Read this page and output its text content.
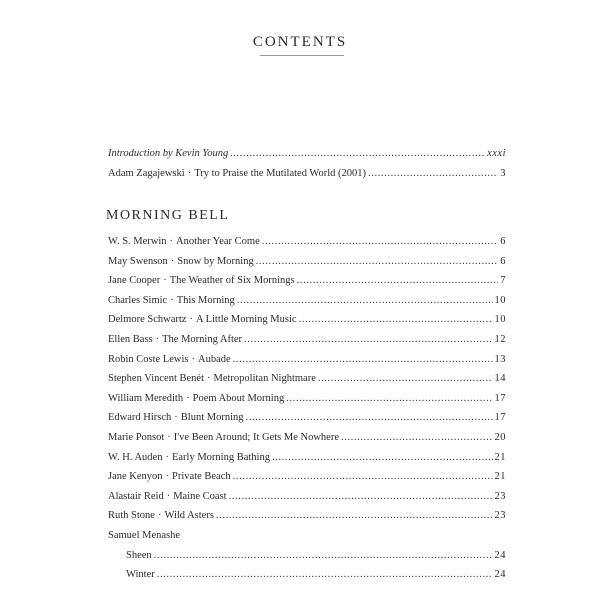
CONTENTS
Introduction by Kevin Young .....	xxxi
Adam Zagajewski · Try to Praise the Mutilated World (2001) .....	3
MORNING BELL
W. S. Merwin · Another Year Come .....	6
May Swenson · Snow by Morning .....	6
Jane Cooper · The Weather of Six Mornings .....	7
Charles Simic · This Morning .....	10
Delmore Schwartz · A Little Morning Music .....	10
Ellen Bass · The Morning After .....	12
Robin Coste Lewis · Aubade .....	13
Stephen Vincent Benét · Metropolitan Nightmare .....	14
William Meredith · Poem About Morning .....	17
Edward Hirsch · Blunt Morning .....	17
Marie Ponsot · I've Been Around; It Gets Me Nowhere .....	20
W. H. Auden · Early Morning Bathing .....	21
Jane Kenyon · Private Beach .....	21
Alastair Reid · Maine Coast .....	23
Ruth Stone · Wild Asters .....	23
Samuel Menashe
Sheen .....	24
Winter .....	24
